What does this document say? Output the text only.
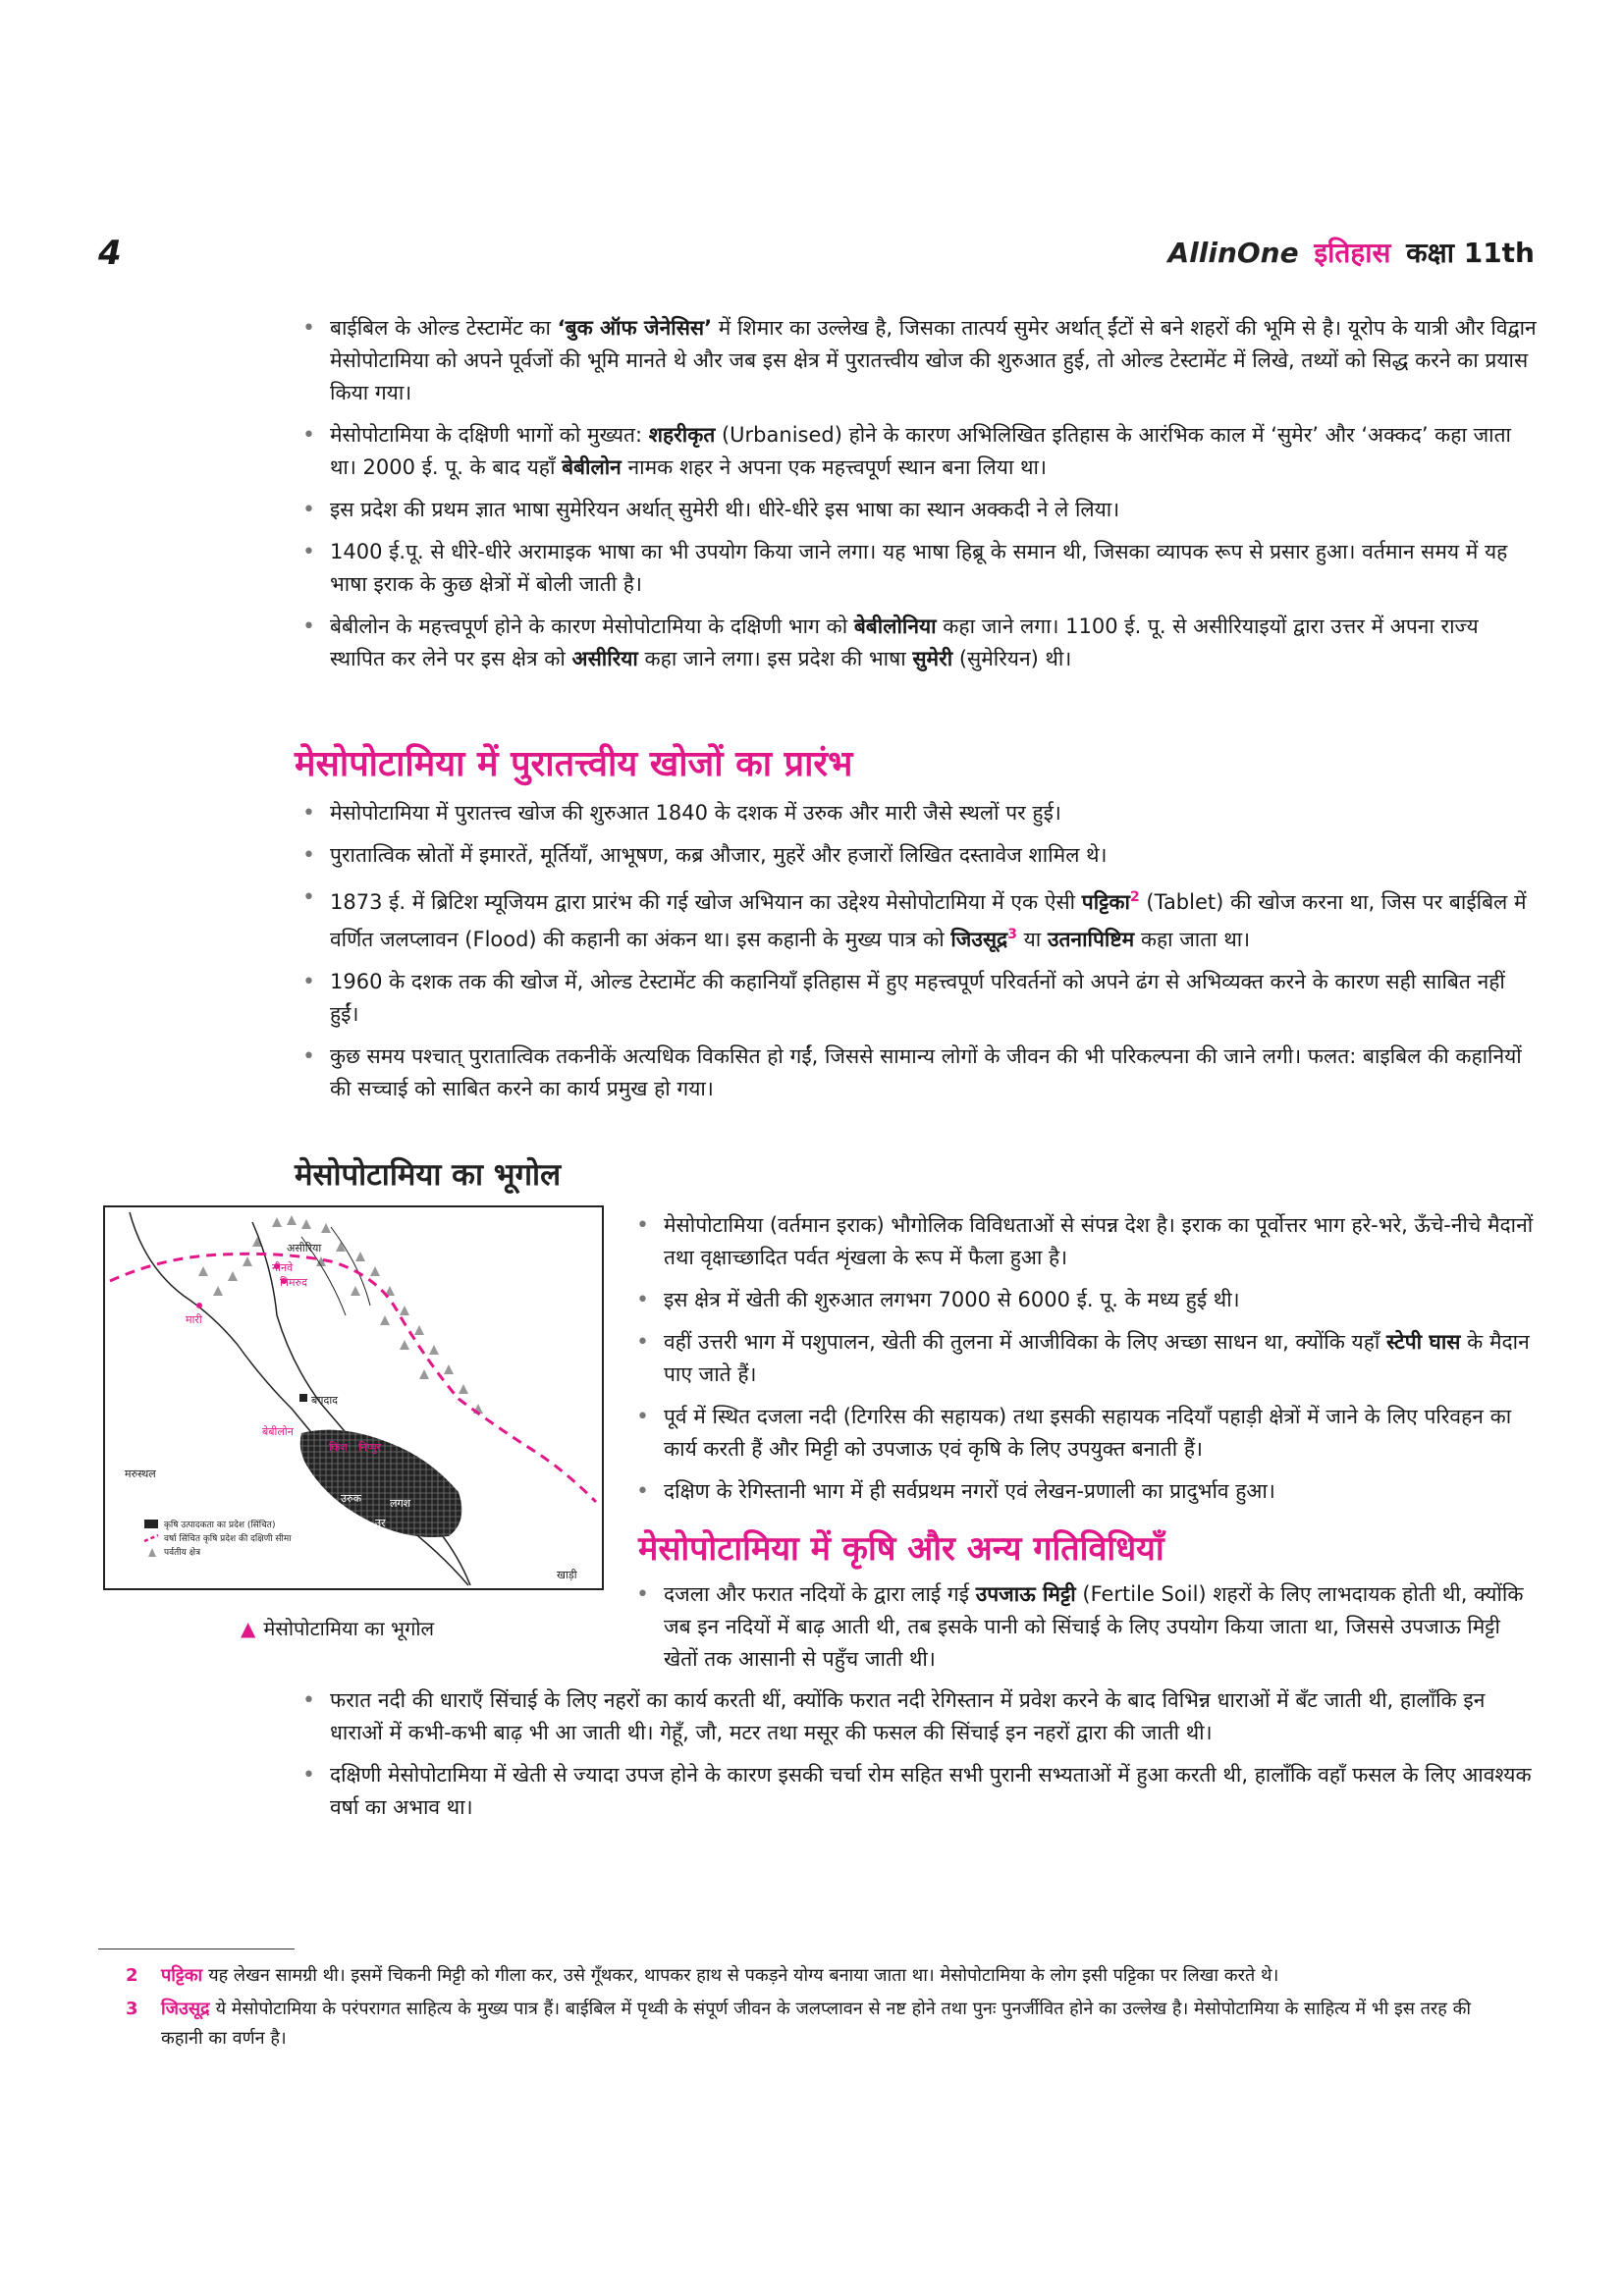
4	AllinOne इतिहास कक्षा 11th
• बाईबिल के ओल्ड टेस्टामेंट का ‘बुक ऑफ जेनेसिस’ में शिमार का उल्लेख है, जिसका तात्पर्य सुमेर अर्थात् ईंटों से बने शहरों की भूमि से है। यूरोप के यात्री और विद्वान मेसोपोटामिया को अपने पूर्वजों की भूमि मानते थे और जब इस क्षेत्र में पुरातत्त्वीय खोज की शुरुआत हुई, तो ओल्ड टेस्टामेंट में लिखे, तथ्यों को सिद्ध करने का प्रयास किया गया।
• मेसोपोटामिया के दक्षिणी भागों को मुख्यत: शहरीकृत (Urbanised) होने के कारण अभिलिखित इतिहास के आरंभिक काल में ‘सुमेर’ और ‘अक्कद’ कहा जाता था। 2000 ई. पू. के बाद यहाँ बेबीलोन नामक शहर ने अपना एक महत्त्वपूर्ण स्थान बना लिया था।
• इस प्रदेश की प्रथम ज्ञात भाषा सुमेरियन अर्थात् सुमेरी थी। धीरे-धीरे इस भाषा का स्थान अक्कदी ने ले लिया।
• 1400 ई.पू. से धीरे-धीरे अरामाइक भाषा का भी उपयोग किया जाने लगा। यह भाषा हिब्रू के समान थी, जिसका व्यापक रूप से प्रसार हुआ। वर्तमान समय में यह भाषा इराक के कुछ क्षेत्रों में बोली जाती है।
• बेबीलोन के महत्त्वपूर्ण होने के कारण मेसोपोटामिया के दक्षिणी भाग को बेबीलोनिया कहा जाने लगा। 1100 ई. पू. से असीरियाइयों द्वारा उत्तर में अपना राज्य स्थापित कर लेने पर इस क्षेत्र को असीरिया कहा जाने लगा। इस प्रदेश की भाषा सुमेरी (सुमेरियन) थी।
मेसोपोटामिया में पुरातत्त्वीय खोजों का प्रारंभ
• मेसोपोटामिया में पुरातत्त्व खोज की शुरुआत 1840 के दशक में उरुक और मारी जैसे स्थलों पर हुई।
• पुरातात्विक स्रोतों में इमारतें, मूर्तियाँ, आभूषण, कब्र औजार, मुहरें और हजारों लिखित दस्तावेज शामिल थे।
• 1873 ई. में ब्रिटिश म्यूजियम द्वारा प्रारंभ की गई खोज अभियान का उद्देश्य मेसोपोटामिया में एक ऐसी पट्टिका$^2$ (Tablet) की खोज करना था, जिस पर बाईबिल में वर्णित जलप्लावन (Flood) की कहानी का अंकन था। इस कहानी के मुख्य पात्र को जिउसूद्र$^3$ या उतनापिष्टिम कहा जाता था।
• 1960 के दशक तक की खोज में, ओल्ड टेस्टामेंट की कहानियाँ इतिहास में हुए महत्त्वपूर्ण परिवर्तनों को अपने ढंग से अभिव्यक्त करने के कारण सही साबित नहीं हुईं।
• कुछ समय पश्चात् पुरातात्विक तकनीकें अत्यधिक विकसित हो गईं, जिससे सामान्य लोगों के जीवन की भी परिकल्पना की जाने लगी। फलत: बाइबिल की कहानियों की सच्चाई को साबित करने का कार्य प्रमुख हो गया।
मेसोपोटामिया का भूगोल
असीरिया
नीनवे
निमरुद
मारी
बगदाद
बेबीलोन
किश निप्पुर
उरुक	लगश
उर
मरुस्थल
खाड़ी
कृषि उत्पादकता का प्रदेश (सिंचित)
वर्षा सिंचित कृषि प्रदेश की दक्षिणी सीमा
पर्वतीय क्षेत्र
▲ मेसोपोटामिया का भूगोल
• मेसोपोटामिया (वर्तमान इराक) भौगोलिक विविधताओं से संपन्न देश है। इराक का पूर्वोत्तर भाग हरे-भरे, ऊँचे-नीचे मैदानों तथा वृक्षाच्छादित पर्वत शृंखला के रूप में फैला हुआ है।
• इस क्षेत्र में खेती की शुरुआत लगभग 7000 से 6000 ई. पू. के मध्य हुई थी।
• वहीं उत्तरी भाग में पशुपालन, खेती की तुलना में आजीविका के लिए अच्छा साधन था, क्योंकि यहाँ स्टेपी घास के मैदान पाए जाते हैं।
• पूर्व में स्थित दजला नदी (टिगरिस की सहायक) तथा इसकी सहायक नदियाँ पहाड़ी क्षेत्रों में जाने के लिए परिवहन का कार्य करती हैं और मिट्टी को उपजाऊ एवं कृषि के लिए उपयुक्त बनाती हैं।
• दक्षिण के रेगिस्तानी भाग में ही सर्वप्रथम नगरों एवं लेखन-प्रणाली का प्रादुर्भाव हुआ।
मेसोपोटामिया में कृषि और अन्य गतिविधियाँ
• दजला और फरात नदियों के द्वारा लाई गई उपजाऊ मिट्टी (Fertile Soil) शहरों के लिए लाभदायक होती थी, क्योंकि जब इन नदियों में बाढ़ आती थी, तब इसके पानी को सिंचाई के लिए उपयोग किया जाता था, जिससे उपजाऊ मिट्टी खेतों तक आसानी से पहुँच जाती थी।
• फरात नदी की धाराएँ सिंचाई के लिए नहरों का कार्य करती थीं, क्योंकि फरात नदी रेगिस्तान में प्रवेश करने के बाद विभिन्न धाराओं में बँट जाती थी, हालाँकि इन धाराओं में कभी-कभी बाढ़ भी आ जाती थी। गेहूँ, जौ, मटर तथा मसूर की फसल की सिंचाई इन नहरों द्वारा की जाती थी।
• दक्षिणी मेसोपोटामिया में खेती से ज्यादा उपज होने के कारण इसकी चर्चा रोम सहित सभी पुरानी सभ्यताओं में हुआ करती थी, हालाँकि वहाँ फसल के लिए आवश्यक वर्षा का अभाव था।
2 पट्टिका यह लेखन सामग्री थी। इसमें चिकनी मिट्टी को गीला कर, उसे गूँथकर, थापकर हाथ से पकड़ने योग्य बनाया जाता था। मेसोपोटामिया के लोग इसी पट्टिका पर लिखा करते थे।
3 जिउसूद्र ये मेसोपोटामिया के परंपरागत साहित्य के मुख्य पात्र हैं। बाईबिल में पृथ्वी के संपूर्ण जीवन के जलप्लावन से नष्ट होने तथा पुनः पुनर्जीवित होने का उल्लेख है। मेसोपोटामिया के साहित्य में भी इस तरह की कहानी का वर्णन है।
